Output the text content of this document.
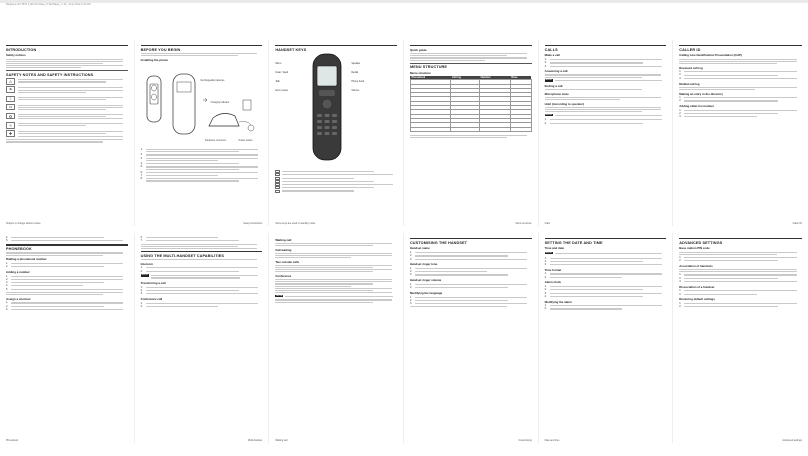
Ringtone GC PFS 3_R0 Oct Date_P TechSpec_V 23_ Amp 2012 3:11 AM
INTRODUCTION
Safety notices
SAFETY NOTES AND SAFETY INSTRUCTIONS
⚠
☂
⏚
▭
♻
ϟ
✚
Subject to change without notice.
BEFORE YOU BEGIN
Installing the phone
Rechargeable batteries
Charging indicator
Telephone connector	Power socket
1.
2.
3.
4.
5.
6.
7.
8.
Setup instructions
HANDSET KEYS
Menu
Clear / back
Talk
End / power
Speaker
Redial
Phone book
Volume
Some keys are used in standby mode
Quick guide
MENU STRUCTURE
Menu structure
Phonebook	Call log	Handset	Base

Menu structure
CALLS
Make a call
1.
2.
3.
Answering a call
NOTE
Ending a call
Microphone mute
Hold (According to operator)
NOTE
1.
2.
Calls
CALLER ID
Calling Line Identification Presentation (CLIP)
Received call log
1.
2.
3.
Dialled call log
Making an entry in the directory
1.
2.
Adding caller list number
1.
2.
3.
Caller ID
4.
5.
PHONEBOOK
Dialling a phonebook number
1.
2.
Adding a number
1.
2.
3.
4.
5.
Assign a shortcut
1.
2.
3.
Phonebook
6.
7.
USING THE MULTI-HANDSET CAPABILITIES
Intercom
1.
2.
NOTE
Transferring a call
1.
2.
3.
Conference call
1.
2.
Multi-handset
Waiting call
Call waiting
Two outside calls
Conference
NOTE
Waiting call
CUSTOMISING THE HANDSET
Handset name
1.
2.
3.
Handset ringer tone
1.
2.
3.
Handset ringer volume
1.
2.
Modifying the language
1.
2.
3.
Customising
SETTING THE DATE AND TIME
Time and date
NOTE
1.
2.
3.
Time format
1.
2.
Alarm clock
1.
2.
3.
4.
Modifying the alarm
1.
2.
Date and time
ADVANCED SETTINGS
Base station PIN code
1.
2.
Association of handsets
1.
2.
3.
Dissociation of a handset
1.
2.
Restoring default settings
1.
2.
Advanced settings
